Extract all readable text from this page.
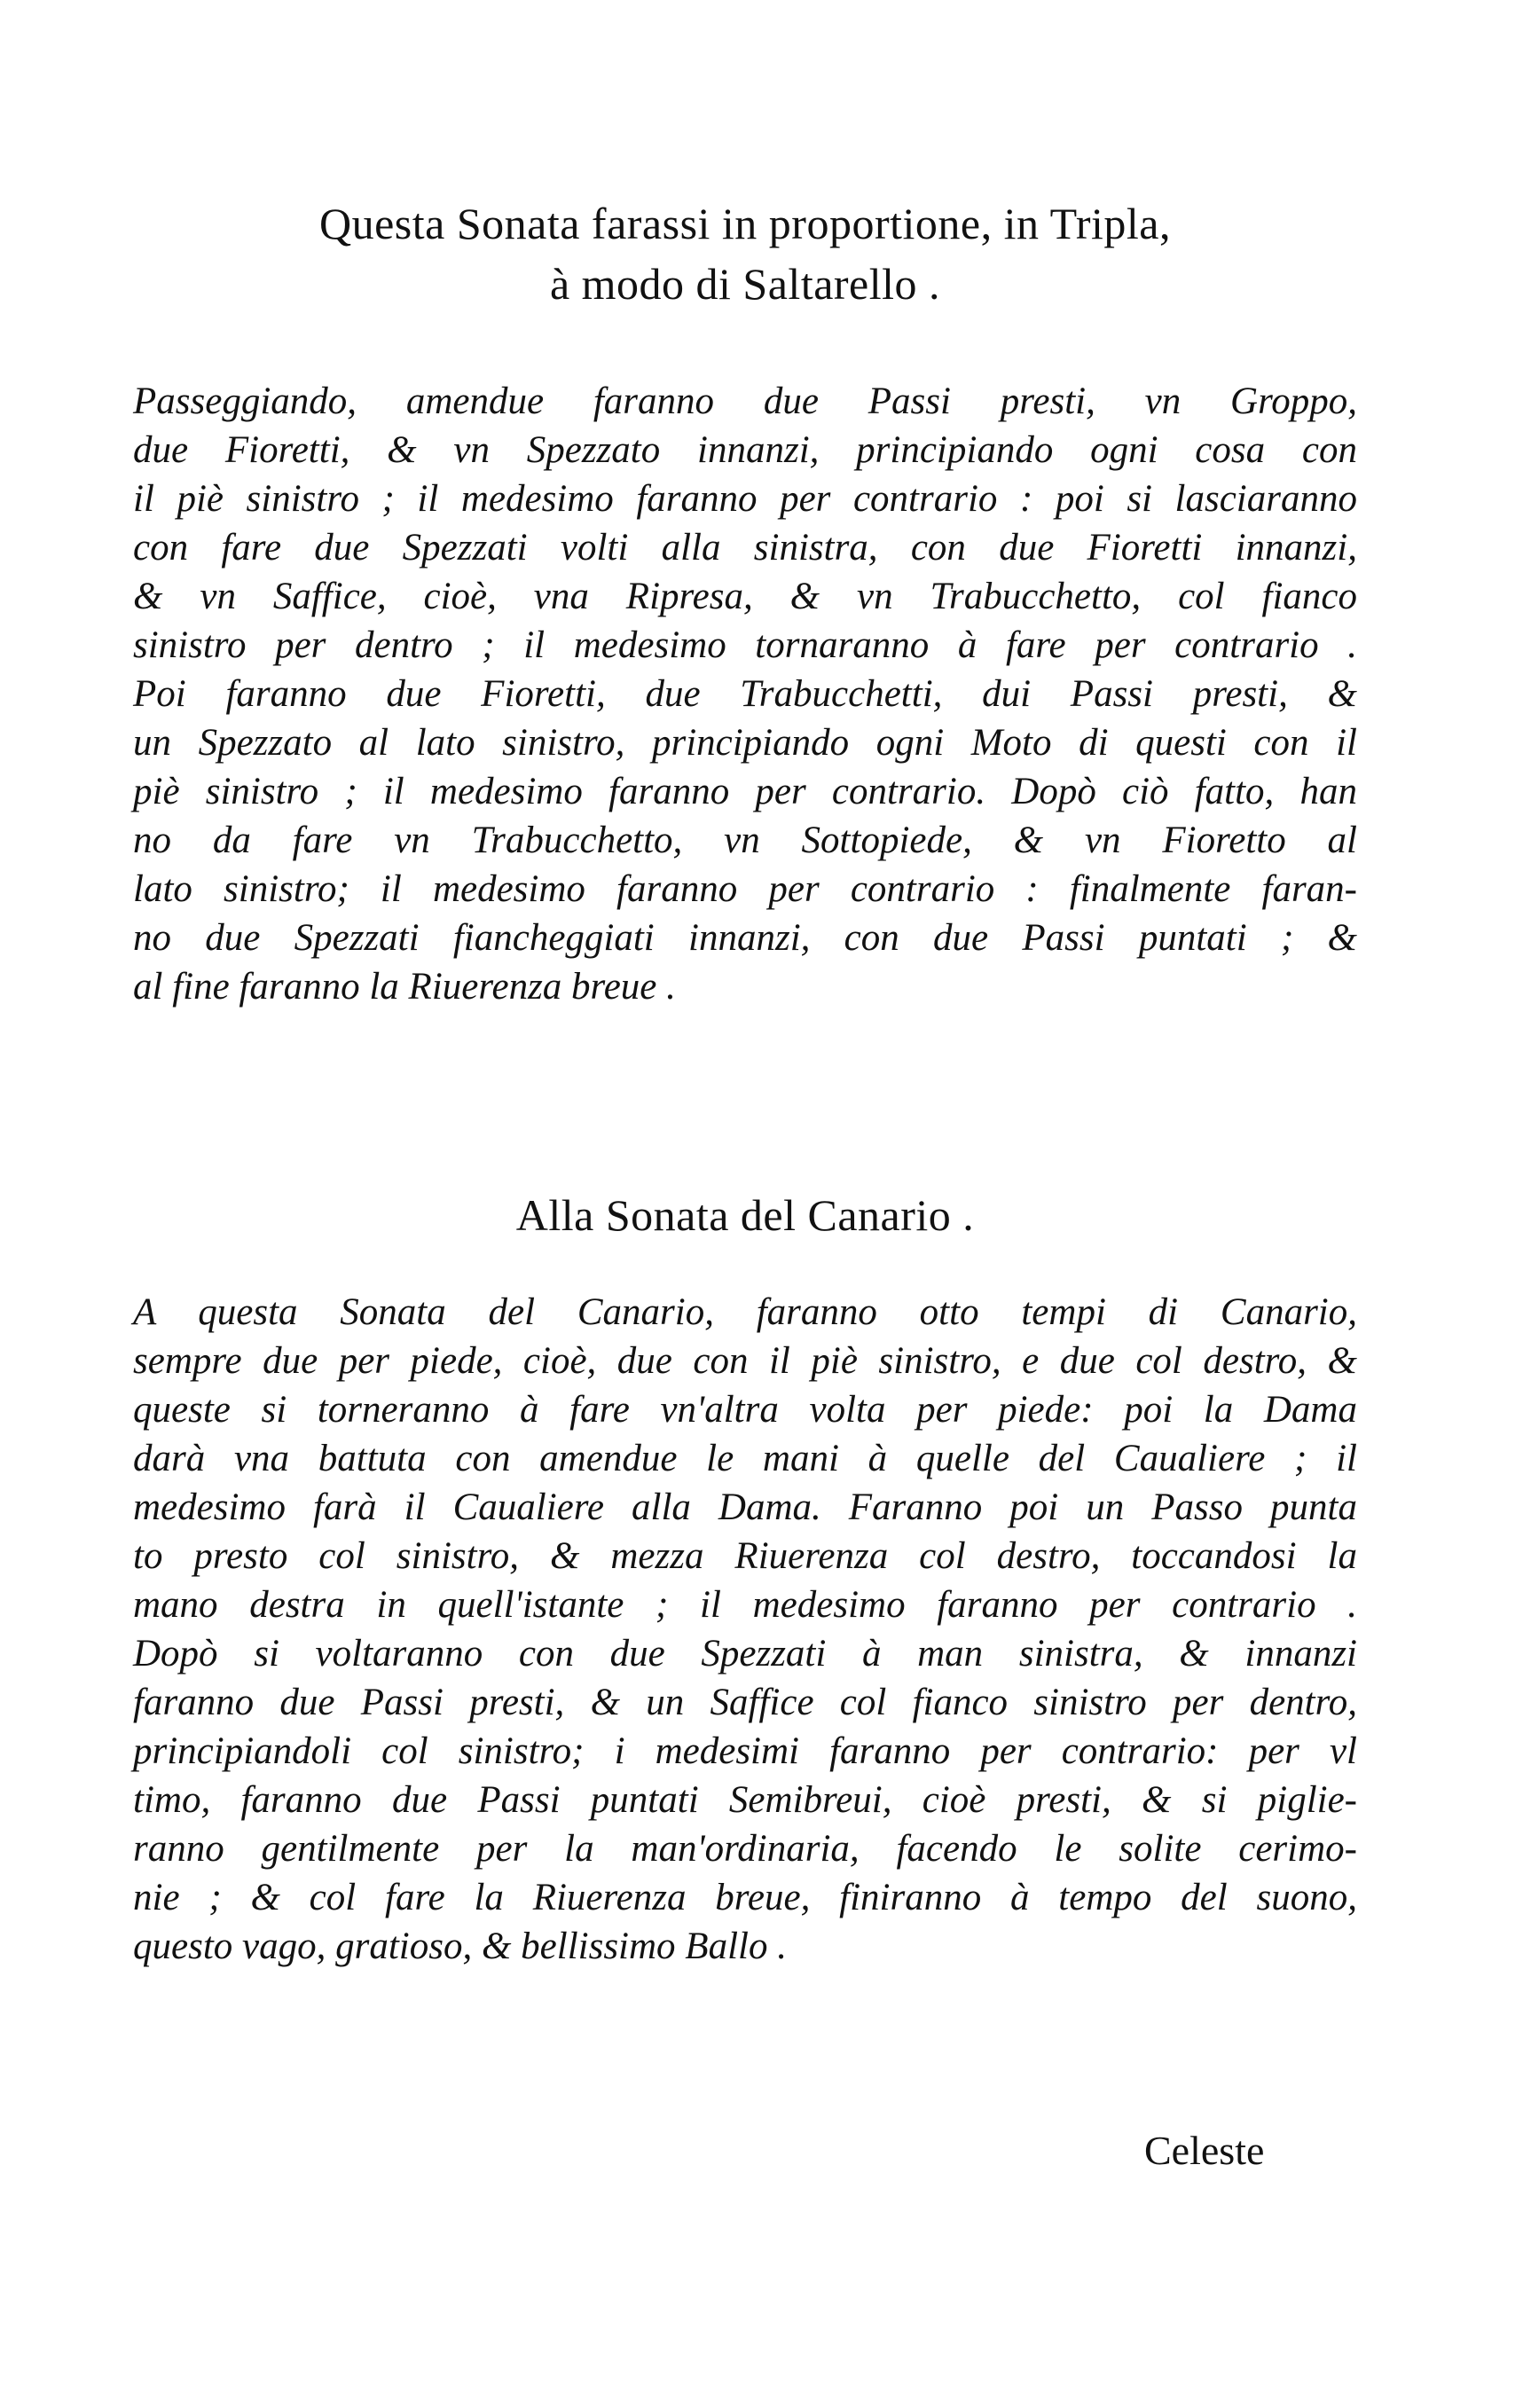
Questa Sonata farassi in proportione, in Tripla,
à modo di Saltarello .
Passeggiando, amendue faranno due Passi presti, vn Groppo,
due Fioretti, & vn Spezzato innanzi, principiando ogni cosa con
il piè sinistro ; il medesimo faranno per contrario : poi si lasciaranno
con fare due Spezzati volti alla sinistra, con due Fioretti innanzi,
& vn Saffice, cioè, vna Ripresa, & vn Trabucchetto, col fianco
sinistro per dentro ; il medesimo tornaranno à fare per contrario .
Poi faranno due Fioretti, due Trabucchetti, dui Passi presti, &
un Spezzato al lato sinistro, principiando ogni Moto di questi con il
piè sinistro ; il medesimo faranno per contrario. Dopò ciò fatto, han
no da fare vn Trabucchetto, vn Sottopiede, & vn Fioretto al
lato sinistro; il medesimo faranno per contrario : finalmente faran-
no due Spezzati fiancheggiati innanzi, con due Passi puntati ; &
al fine faranno la Riuerenza breue .
Alla Sonata del Canario .
A questa Sonata del Canario, faranno otto tempi di Canario,
sempre due per piede, cioè, due con il piè sinistro, e due col destro, &
queste si torneranno à fare vn'altra volta per piede: poi la Dama
darà vna battuta con amendue le mani à quelle del Caualiere ; il
medesimo farà il Caualiere alla Dama. Faranno poi un Passo punta
to presto col sinistro, & mezza Riuerenza col destro, toccandosi la
mano destra in quell'istante ; il medesimo faranno per contrario .
Dopò si voltaranno con due Spezzati à man sinistra, & innanzi
faranno due Passi presti, & un Saffice col fianco sinistro per dentro,
principiandoli col sinistro; i medesimi faranno per contrario: per vl
timo, faranno due Passi puntati Semibreui, cioè presti, & si piglie-
ranno gentilmente per la man'ordinaria, facendo le solite cerimo-
nie ; & col fare la Riuerenza breue, finiranno à tempo del suono,
questo vago, gratioso, & bellissimo Ballo .
Celeste
